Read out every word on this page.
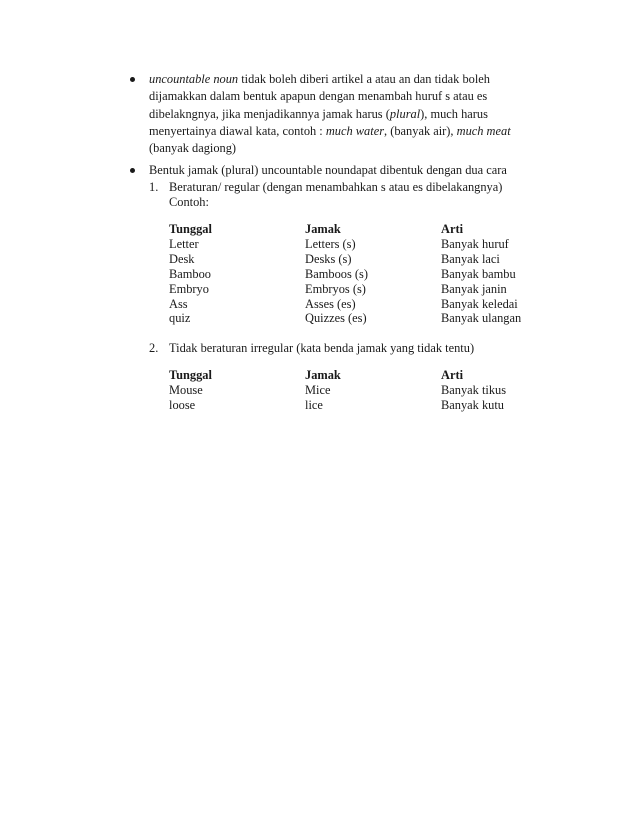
uncountable noun tidak boleh diberi artikel a atau an dan tidak boleh
dijamakkan dalam bentuk apapun dengan menambah huruf s atau es
dibelakngnya, jika menjadikannya jamak harus (plural), much harus
menyertainya diawal kata, contoh : much water, (banyak air), much meat
(banyak dagiong)
Bentuk jamak (plural) uncountable noundapat dibentuk dengan dua cara
1. Beraturan/ regular (dengan menambahkan s atau es dibelakangnya)
Contoh:
Tunggal	Jamak	Arti
Letter	Letters (s)	Banyak huruf
Desk	Desks (s)	Banyak laci
Bamboo	Bamboos (s)	Banyak bambu
Embryo	Embryos (s)	Banyak janin
Ass	Asses (es)	Banyak keledai
quiz	Quizzes (es)	Banyak ulangan
2. Tidak beraturan irregular (kata benda jamak yang tidak tentu)
Tunggal	Jamak	Arti
Mouse	Mice	Banyak tikus
loose	lice	Banyak kutu
